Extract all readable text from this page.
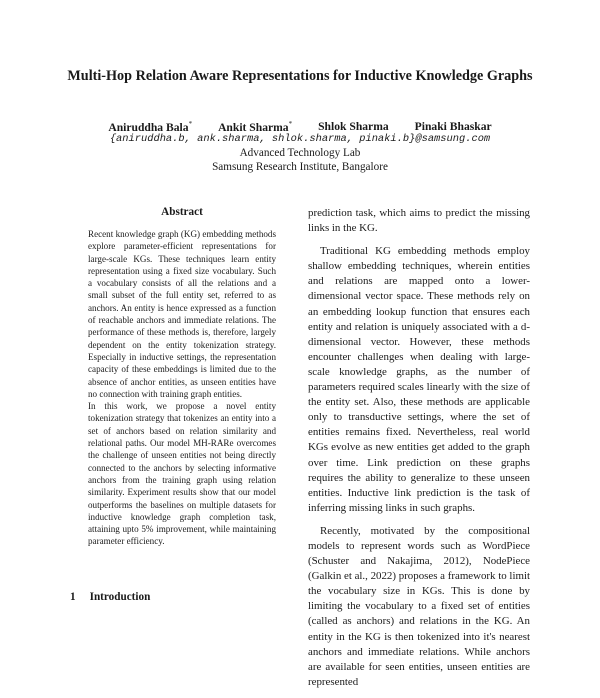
Multi-Hop Relation Aware Representations for Inductive Knowledge Graphs
Aniruddha Bala* Ankit Sharma* Shlok Sharma Pinaki Bhaskar
{aniruddha.b, ank.sharma, shlok.sharma, pinaki.b}@samsung.com
Advanced Technology Lab
Samsung Research Institute, Bangalore
Abstract

Recent knowledge graph (KG) embedding methods explore parameter-efficient representations for large-scale KGs. These techniques learn entity representation using a fixed size vocabulary. Such a vocabulary consists of all the relations and a small subset of the full entity set, referred to as anchors. An entity is hence expressed as a function of reachable anchors and immediate relations. The performance of these methods is, therefore, largely dependent on the entity tokenization strategy. Especially in inductive settings, the representation capacity of these embeddings is limited due to the absence of anchor entities, as unseen entities have no connection with training graph entities.

In this work, we propose a novel entity tokenization strategy that tokenizes an entity into a set of anchors based on relation similarity and relational paths. Our model MH-RARe overcomes the challenge of unseen entities not being directly connected to the anchors by selecting informative anchors from the training graph using relation similarity. Experiment results show that our model outperforms the baselines on multiple datasets for inductive knowledge graph completion task, attaining upto 5% improvement, while maintaining parameter efficiency.

1 Introduction

prediction task, which aims to predict the missing links in the KG.

Traditional KG embedding methods employ shallow embedding techniques, wherein entities and relations are mapped onto a lower-dimensional vector space. These methods rely on an embedding lookup function that ensures each entity and relation is uniquely associated with a d-dimensional vector. However, these methods encounter challenges when dealing with large-scale knowledge graphs, as the number of parameters required scales linearly with the size of the entity set. Also, these methods are applicable only to transductive settings, where the set of entities remains fixed. Nevertheless, real world KGs evolve as new entities get added to the graph over time. Link prediction on these graphs requires the ability to generalize to these unseen entities. Inductive link prediction is the task of inferring missing links in such graphs.

Recently, motivated by the compositional models to represent words such as WordPiece (Schuster and Nakajima, 2012), NodePiece (Galkin et al., 2022) proposes a framework to limit the vocabulary size in KGs. This is done by limiting the vocabulary to a fixed set of entities (called as anchors) and relations in the KG. An entity in the KG is then tokenized into it's nearest anchors and immediate relations. While anchors are available for seen entities, unseen entities are represented
